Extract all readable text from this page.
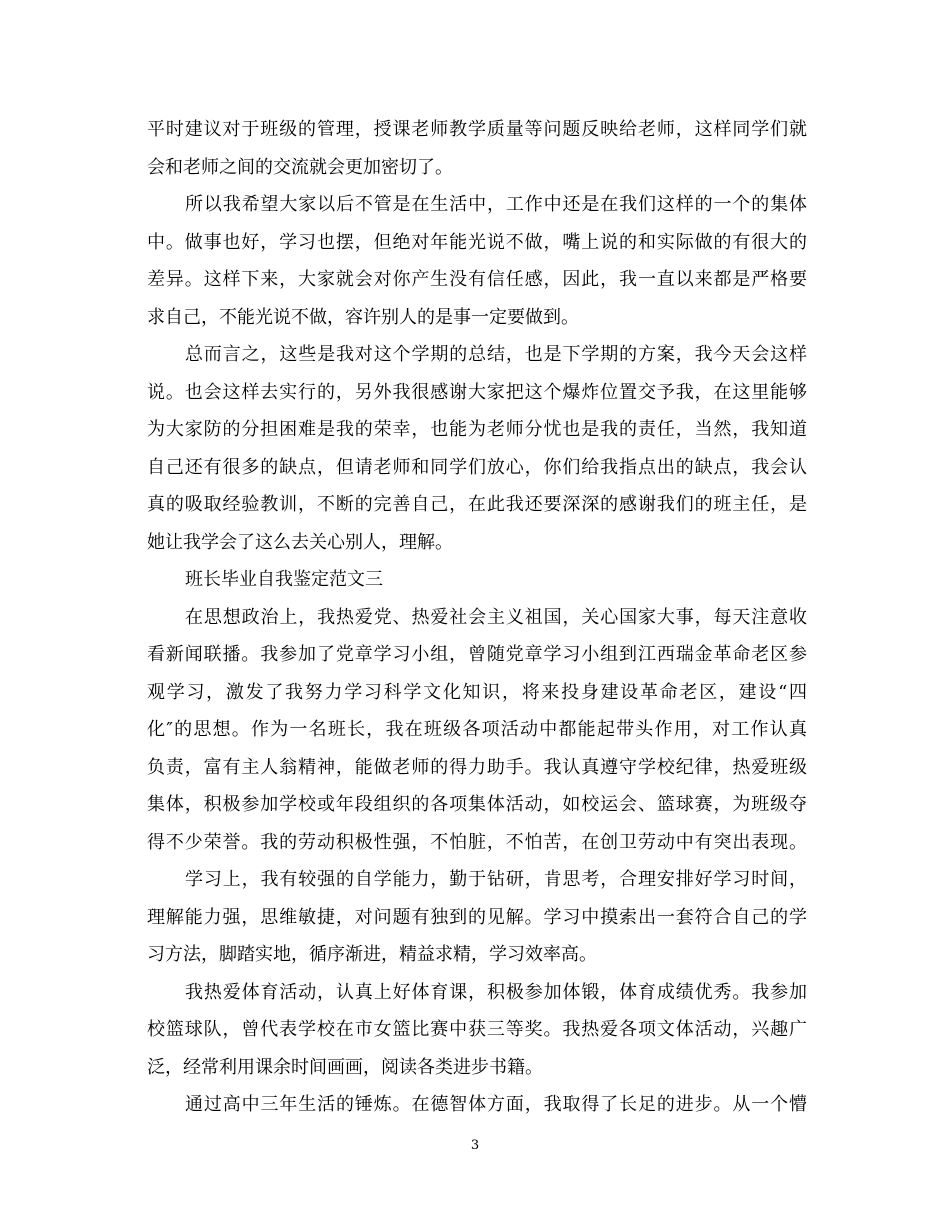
平时建议对于班级的管理，授课老师教学质量等问题反映给老师，这样同学们就
会和老师之间的交流就会更加密切了。
所以我希望大家以后不管是在生活中，工作中还是在我们这样的一个的集体
中。做事也好，学习也摆，但绝对年能光说不做，嘴上说的和实际做的有很大的
差异。这样下来，大家就会对你产生没有信任感，因此，我一直以来都是严格要
求自己，不能光说不做，容许别人的是事一定要做到。
总而言之，这些是我对这个学期的总结，也是下学期的方案，我今天会这样
说。也会这样去实行的，另外我很感谢大家把这个爆炸位置交予我，在这里能够
为大家防的分担困难是我的荣幸，也能为老师分忧也是我的责任，当然，我知道
自己还有很多的缺点，但请老师和同学们放心，你们给我指点出的缺点，我会认
真的吸取经验教训，不断的完善自己，在此我还要深深的感谢我们的班主任，是
她让我学会了这么去关心别人，理解。
班长毕业自我鉴定范文三
在思想政治上，我热爱党、热爱社会主义祖国，关心国家大事，每天注意收
看新闻联播。我参加了党章学习小组，曾随党章学习小组到江西瑞金革命老区参
观学习，激发了我努力学习科学文化知识，将来投身建设革命老区，建设“四
化″的思想。作为一名班长，我在班级各项活动中都能起带头作用，对工作认真
负责，富有主人翁精神，能做老师的得力助手。我认真遵守学校纪律，热爱班级
集体，积极参加学校或年段组织的各项集体活动，如校运会、篮球赛，为班级夺
得不少荣誉。我的劳动积极性强，不怕脏，不怕苦，在创卫劳动中有突出表现。
学习上，我有较强的自学能力，勤于钻研，肯思考，合理安排好学习时间，
理解能力强，思维敏捷，对问题有独到的见解。学习中摸索出一套符合自己的学
习方法，脚踏实地，循序渐进，精益求精，学习效率高。
我热爱体育活动，认真上好体育课，积极参加体锻，体育成绩优秀。我参加
校篮球队，曾代表学校在市女篮比赛中获三等奖。我热爱各项文体活动，兴趣广
泛，经常利用课余时间画画，阅读各类进步书籍。
通过高中三年生活的锤炼。在德智体方面，我取得了长足的进步。从一个懵
3
